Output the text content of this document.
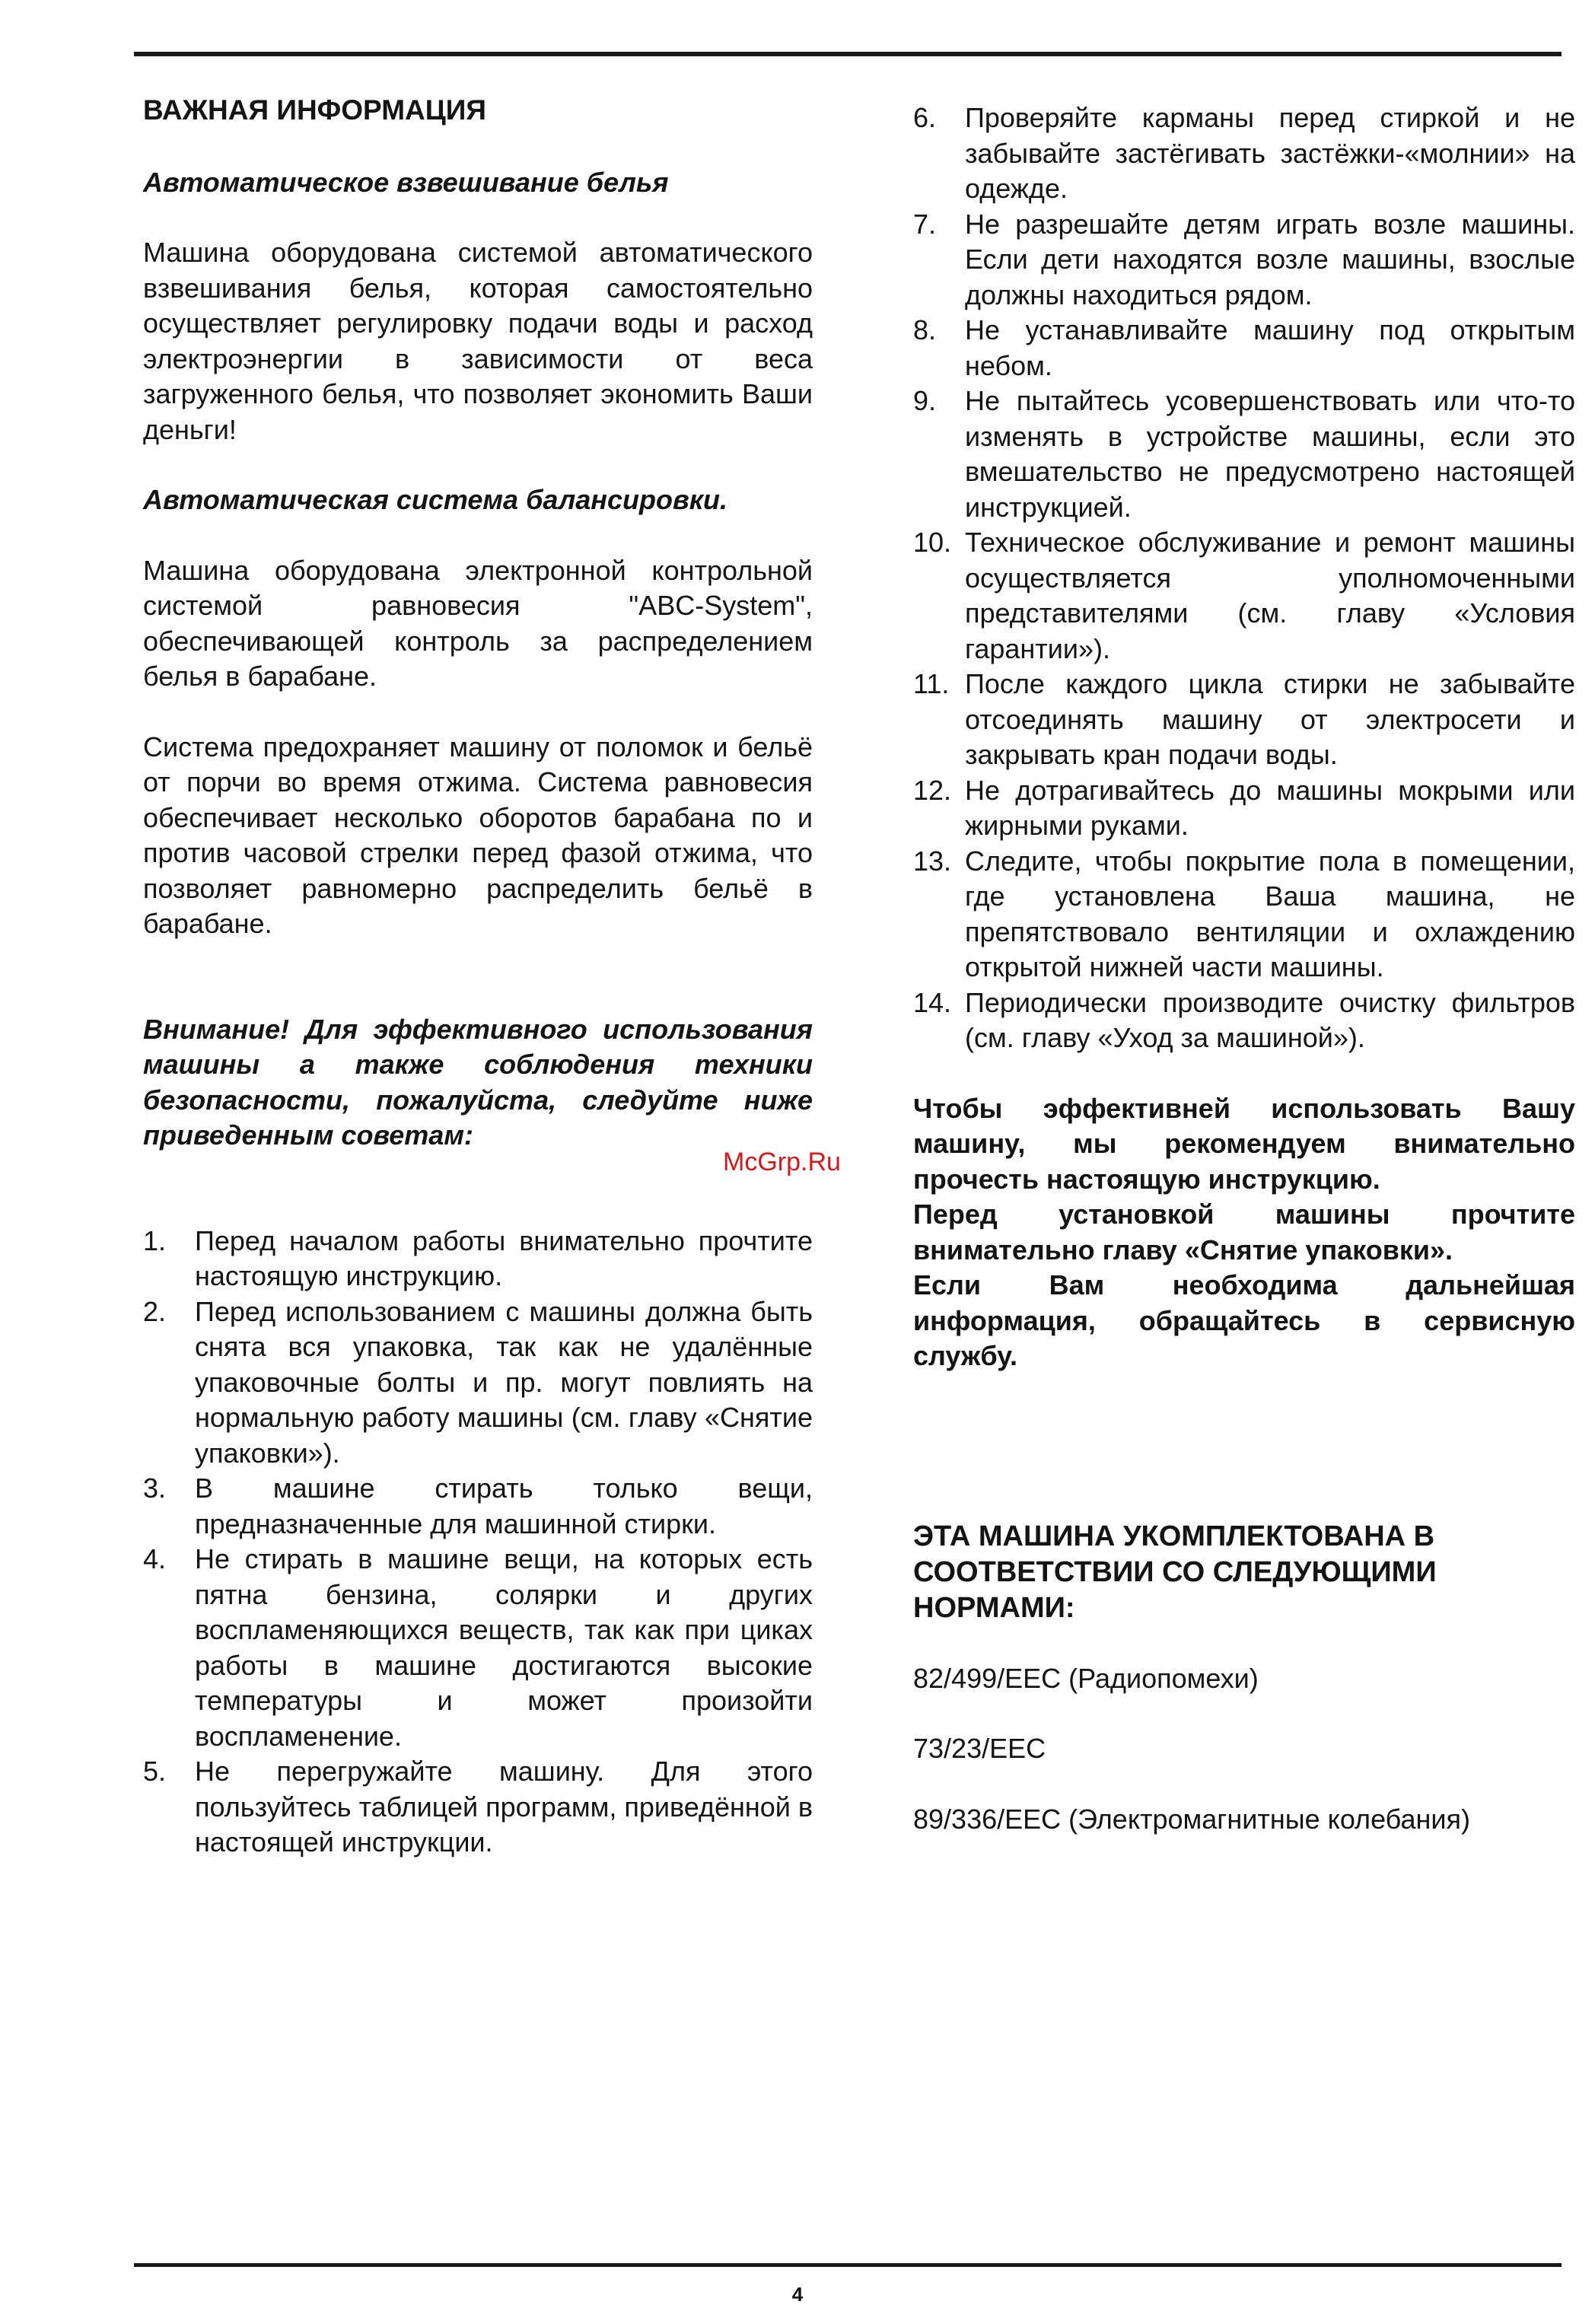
ВАЖНАЯ ИНФОРМАЦИЯ

Автоматическое взвешивание белья

Машина оборудована системой автоматического взвешивания белья, которая самостоятельно осуществляет регулировку подачи воды и расход электроэнергии в зависимости от веса загруженного белья, что позволяет экономить Ваши деньги!

Автоматическая система балансировки.

Машина оборудована электронной контрольной системой равновесия "ABC-System", обеспечивающей контроль за распределением белья в барабане.

Система предохраняет машину от поломок и бельё от порчи во время отжима. Система равновесия обеспечивает несколько оборотов барабана по и против часовой стрелки перед фазой отжима, что позволяет равномерно распределить бельё в барабане.

Внимание! Для эффективного использования машины а также соблюдения техники безопасности, пожалуйста, следуйте ниже приведенным советам:

1. Перед началом работы внимательно прочтите настоящую инструкцию.
2. Перед использованием с машины должна быть снята вся упаковка, так как не удалённые упаковочные болты и пр. могут повлиять на нормальную работу машины (см. главу «Снятие упаковки»).
3. В машине стирать только вещи, предназначенные для машинной стирки.
4. Не стирать в машине вещи, на которых есть пятна бензина, солярки и других воспламеняющихся веществ, так как при циках работы в машине достигаются высокие температуры и может произойти воспламенение.
5. Не перегружайте машину. Для этого пользуйтесь таблицей программ, приведённой в настоящей инструкции.
6. Проверяйте карманы перед стиркой и не забывайте застёгивать застёжки-«молнии» на одежде.
7. Не разрешайте детям играть возле машины. Если дети находятся возле машины, взослые должны находиться рядом.
8. Не устанавливайте машину под открытым небом.
9. Не пытайтесь усовершенствовать или что-то изменять в устройстве машины, если это вмешательство не предусмотрено настоящей инструкцией.
10. Техническое обслуживание и ремонт машины осуществляется уполномоченными представителями (см. главу «Условия гарантии»).
11. После каждого цикла стирки не забывайте отсоединять машину от электросети и закрывать кран подачи воды.
12. Не дотрагивайтесь до машины мокрыми или жирными руками.
13. Следите, чтобы покрытие пола в помещении, где установлена Ваша машина, не препятствовало вентиляции и охлаждению открытой нижней части машины.
14. Периодически производите очистку фильтров (см. главу «Уход за машиной»).

Чтобы эффективней использовать Вашу машину, мы рекомендуем внимательно прочесть настоящую инструкцию.

Перед установкой машины прочтите внимательно главу «Снятие упаковки».

Если Вам необходима дальнейшая информация, обращайтесь в сервисную службу.

ЭТА МАШИНА УКОМПЛЕКТОВАНА В СООТВЕТСТВИИ СО СЛЕДУЮЩИМИ НОРМАМИ:

82/499/EEC (Радиопомехи)

73/23/EEC

89/336/EEC (Электромагнитные колебания)

McGrp.Ru
4
